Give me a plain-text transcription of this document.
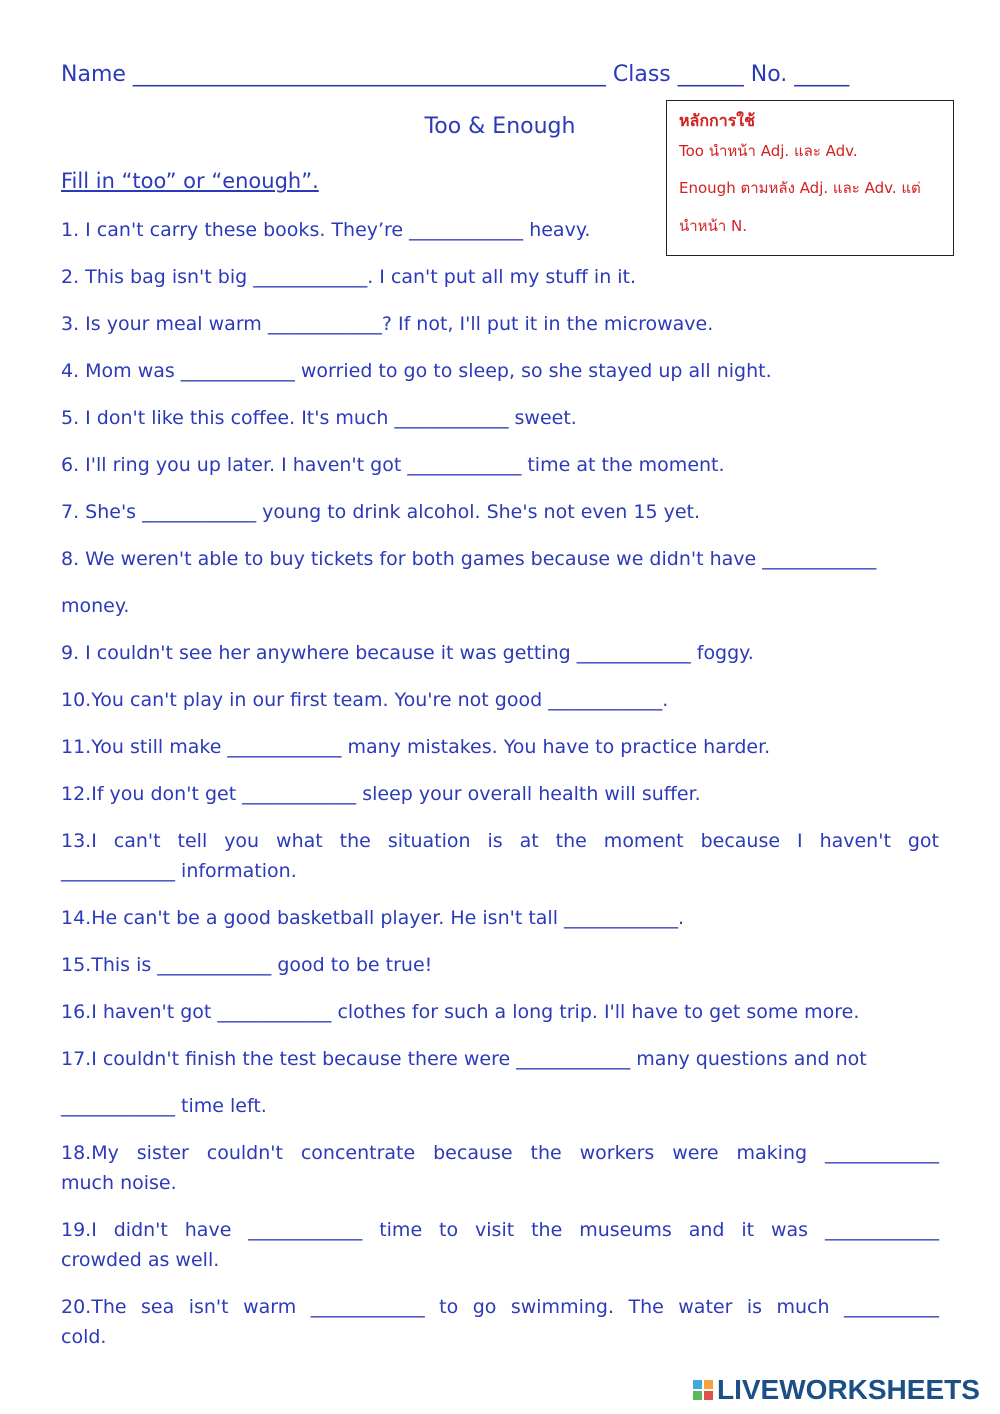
Name ___________________________________________ Class ______ No. _____
Too & Enough
Fill in “too” or “enough”.
หลักการใช้
Too นำหน้า Adj. และ Adv.
Enough ตามหลัง Adj. และ Adv. แต่
นำหน้า N.
1. I can't carry these books. They’re ____________ heavy.
2. This bag isn't big ____________. I can't put all my stuff in it.
3. Is your meal warm ____________? If not, I'll put it in the microwave.
4. Mom was ____________ worried to go to sleep, so she stayed up all night.
5. I don't like this coffee. It's much ____________ sweet.
6. I'll ring you up later. I haven't got ____________ time at the moment.
7. She's ____________ young to drink alcohol. She's not even 15 yet.
8. We weren't able to buy tickets for both games because we didn't have ____________
money.
9. I couldn't see her anywhere because it was getting ____________ foggy.
10.You can't play in our first team. You're not good ____________.
11.You still make ____________ many mistakes. You have to practice harder.
12.If you don't get ____________ sleep your overall health will suffer.
13.I can't tell you what the situation is at the moment because I haven't got
____________ information.
14.He can't be a good basketball player. He isn't tall ____________.
15.This is ____________ good to be true!
16.I haven't got ____________ clothes for such a long trip. I'll have to get some more.
17.I couldn't finish the test because there were ____________ many questions and not
____________ time left.
18.My sister couldn't concentrate because the workers were making ____________
much noise.
19.I didn't have ____________ time to visit the museums and it was ____________
crowded as well.
20.The sea isn't warm ____________ to go swimming. The water is much __________
cold.
LIVEWORKSHEETS
